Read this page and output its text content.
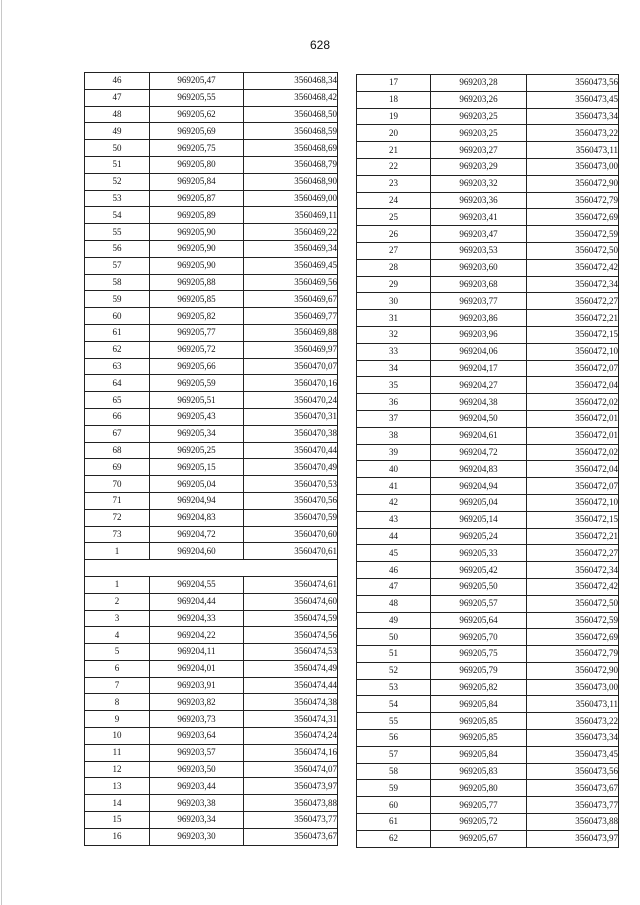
628
46	969205,47	3560468,34
47	969205,55	3560468,42
48	969205,62	3560468,50
49	969205,69	3560468,59
50	969205,75	3560468,69
51	969205,80	3560468,79
52	969205,84	3560468,90
53	969205,87	3560469,00
54	969205,89	3560469,11
55	969205,90	3560469,22
56	969205,90	3560469,34
57	969205,90	3560469,45
58	969205,88	3560469,56
59	969205,85	3560469,67
60	969205,82	3560469,77
61	969205,77	3560469,88
62	969205,72	3560469,97
63	969205,66	3560470,07
64	969205,59	3560470,16
65	969205,51	3560470,24
66	969205,43	3560470,31
67	969205,34	3560470,38
68	969205,25	3560470,44
69	969205,15	3560470,49
70	969205,04	3560470,53
71	969204,94	3560470,56
72	969204,83	3560470,59
73	969204,72	3560470,60
1	969204,60	3560470,61

1	969204,55	3560474,61
2	969204,44	3560474,60
3	969204,33	3560474,59
4	969204,22	3560474,56
5	969204,11	3560474,53
6	969204,01	3560474,49
7	969203,91	3560474,44
8	969203,82	3560474,38
9	969203,73	3560474,31
10	969203,64	3560474,24
11	969203,57	3560474,16
12	969203,50	3560474,07
13	969203,44	3560473,97
14	969203,38	3560473,88
15	969203,34	3560473,77
16	969203,30	3560473,67
17	969203,28	3560473,56
18	969203,26	3560473,45
19	969203,25	3560473,34
20	969203,25	3560473,22
21	969203,27	3560473,11
22	969203,29	3560473,00
23	969203,32	3560472,90
24	969203,36	3560472,79
25	969203,41	3560472,69
26	969203,47	3560472,59
27	969203,53	3560472,50
28	969203,60	3560472,42
29	969203,68	3560472,34
30	969203,77	3560472,27
31	969203,86	3560472,21
32	969203,96	3560472,15
33	969204,06	3560472,10
34	969204,17	3560472,07
35	969204,27	3560472,04
36	969204,38	3560472,02
37	969204,50	3560472,01
38	969204,61	3560472,01
39	969204,72	3560472,02
40	969204,83	3560472,04
41	969204,94	3560472,07
42	969205,04	3560472,10
43	969205,14	3560472,15
44	969205,24	3560472,21
45	969205,33	3560472,27
46	969205,42	3560472,34
47	969205,50	3560472,42
48	969205,57	3560472,50
49	969205,64	3560472,59
50	969205,70	3560472,69
51	969205,75	3560472,79
52	969205,79	3560472,90
53	969205,82	3560473,00
54	969205,84	3560473,11
55	969205,85	3560473,22
56	969205,85	3560473,34
57	969205,84	3560473,45
58	969205,83	3560473,56
59	969205,80	3560473,67
60	969205,77	3560473,77
61	969205,72	3560473,88
62	969205,67	3560473,97
